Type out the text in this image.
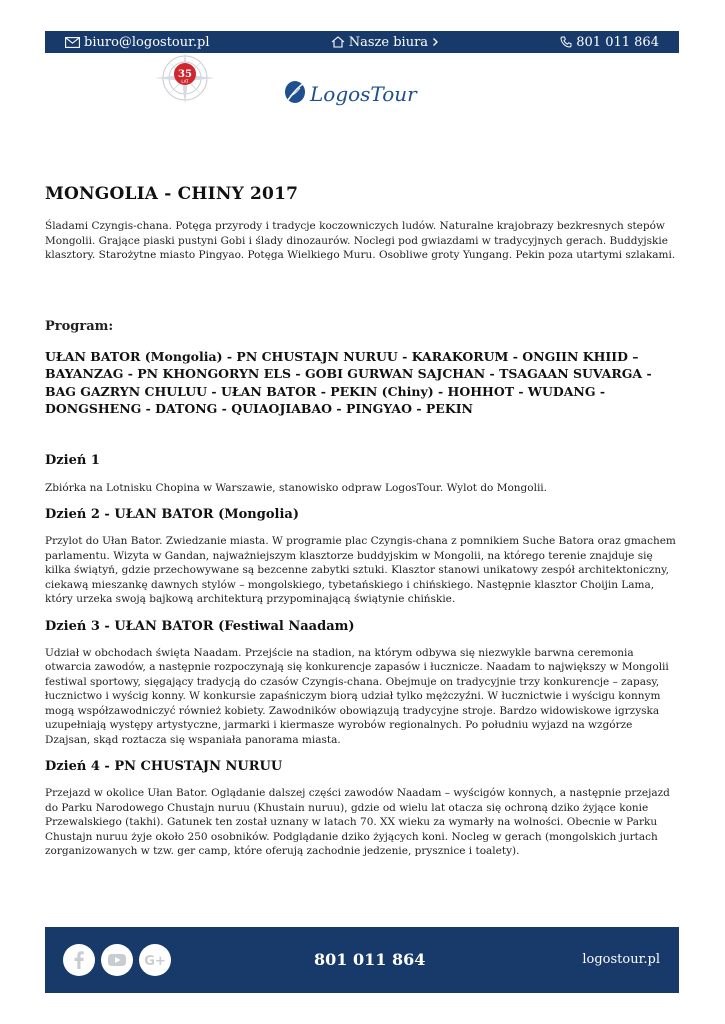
biuro@logostour.pl	Nasze biura	801 011 864
35
LAT
LogosTour
MONGOLIA - CHINY 2017

Śladami Czyngis-chana. Potęga przyrody i tradycje koczowniczych ludów. Naturalne krajobrazy bezkresnych stepów Mongolii. Grające piaski pustyni Gobi i ślady dinozaurów. Noclegi pod gwiazdami w tradycyjnych gerach. Buddyjskie klasztory. Starożytne miasto Pingyao. Potęga Wielkiego Muru. Osobliwe groty Yungang. Pekin poza utartymi szlakami.

Program:
UŁAN BATOR (Mongolia) - PN CHUSTAJN NURUU - KARAKORUM - ONGIIN KHIID – BAYANZAG - PN KHONGORYN ELS - GOBI GURWAN SAJCHAN - TSAGAAN SUVARGA - BAG GAZRYN CHULUU - UŁAN BATOR - PEKIN (Chiny) - HOHHOT - WUDANG - DONGSHENG - DATONG - QUIAOJIABAO - PINGYAO - PEKIN
Dzień 1

Zbiórka na Lotnisku Chopina w Warszawie, stanowisko odpraw LogosTour. Wylot do Mongolii.

Dzień 2 - UŁAN BATOR (Mongolia)

Przylot do Ułan Bator. Zwiedzanie miasta. W programie plac Czyngis-chana z pomnikiem Suche Batora oraz gmachem parlamentu. Wizyta w Gandan, najważniejszym klasztorze buddyjskim w Mongolii, na którego terenie znajduje się kilka świątyń, gdzie przechowywane są bezcenne zabytki sztuki. Klasztor stanowi unikatowy zespół architektoniczny, ciekawą mieszankę dawnych stylów – mongolskiego, tybetańskiego i chińskiego. Następnie klasztor Choijin Lama, który urzeka swoją bajkową architekturą przypominającą świątynie chińskie.

Dzień 3 - UŁAN BATOR (Festiwal Naadam)

Udział w obchodach święta Naadam. Przejście na stadion, na którym odbywa się niezwykle barwna ceremonia otwarcia zawodów, a następnie rozpoczynają się konkurencje zapasów i łucznicze. Naadam to największy w Mongolii festiwal sportowy, sięgający tradycją do czasów Czyngis-chana. Obejmuje on tradycyjnie trzy konkurencje – zapasy, łucznictwo i wyścig konny. W konkursie zapaśniczym biorą udział tylko mężczyźni. W łucznictwie i wyścigu konnym mogą współzawodniczyć również kobiety. Zawodników obowiązują tradycyjne stroje. Bardzo widowiskowe igrzyska uzupełniają występy artystyczne, jarmarki i kiermasze wyrobów regionalnych. Po południu wyjazd na wzgórze Dzajsan, skąd roztacza się wspaniała panorama miasta.

Dzień 4 - PN CHUSTAJN NURUU

Przejazd w okolice Ułan Bator. Oglądanie dalszej części zawodów Naadam – wyścigów konnych, a następnie przejazd do Parku Narodowego Chustajn nuruu (Khustain nuruu), gdzie od wielu lat otacza się ochroną dziko żyjące konie Przewalskiego (takhi). Gatunek ten został uznany w latach 70. XX wieku za wymarły na wolności. Obecnie w Parku Chustajn nuruu żyje około 250 osobników. Podglądanie dziko żyjących koni. Nocleg w gerach (mongolskich jurtach zorganizowanych w tzw. ger camp, które oferują zachodnie jedzenie, prysznice i toalety).

G+	801 011 864	logostour.pl
